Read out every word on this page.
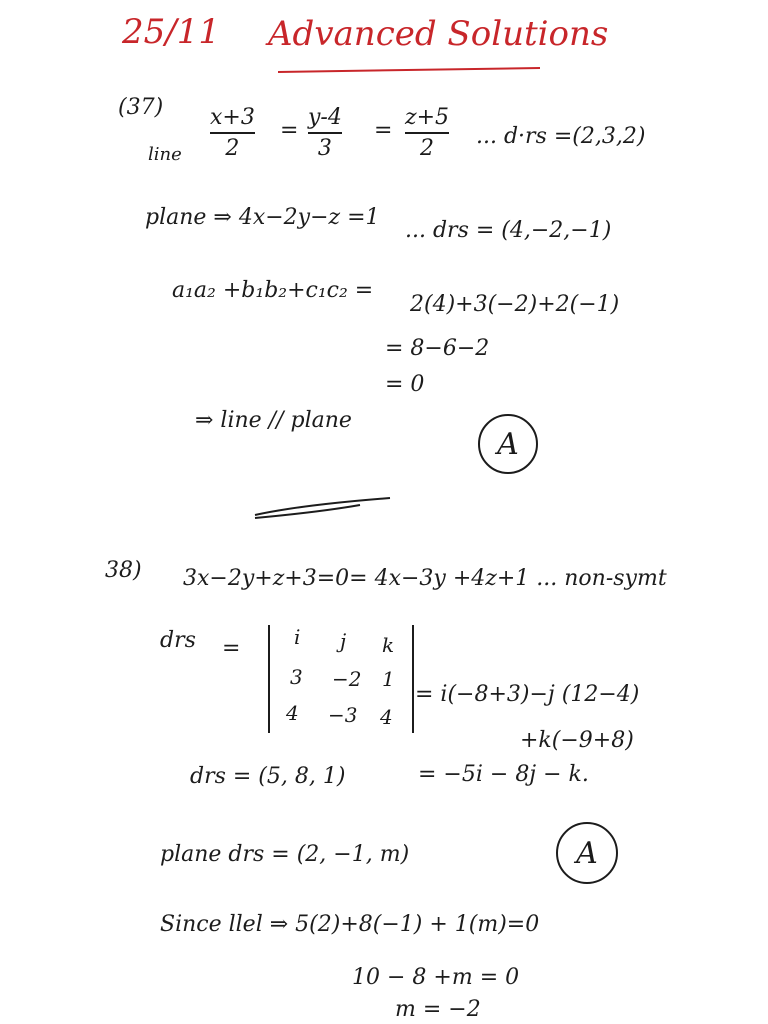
25/11 Advanced Solutions
(37)
line
x+3
2
=
y-4
3
=
z+5
2 ... d·rs =(2,3,2)
plane ⇒ 4x−2y−z =1
... drs = (4,−2,−1)
a₁a₂ +b₁b₂+c₁c₂ =
2(4)+3(−2)+2(−1)
= 8−6−2
= 0
⇒ line // plane
A
38) 3x−2y+z+3=0= 4x−3y +4z+1 ... non-symt
drs =	i j k
3 −2 1
4 −3 4
= i(−8+3)−j (12−4)
+k(−9+8)
= −5i − 8j − k.
drs = (5, 8, 1)
plane drs = (2, −1, m)	A
Since llel ⇒ 5(2)+8(−1) + 1(m)=0
10 − 8 +m = 0
m = −2
